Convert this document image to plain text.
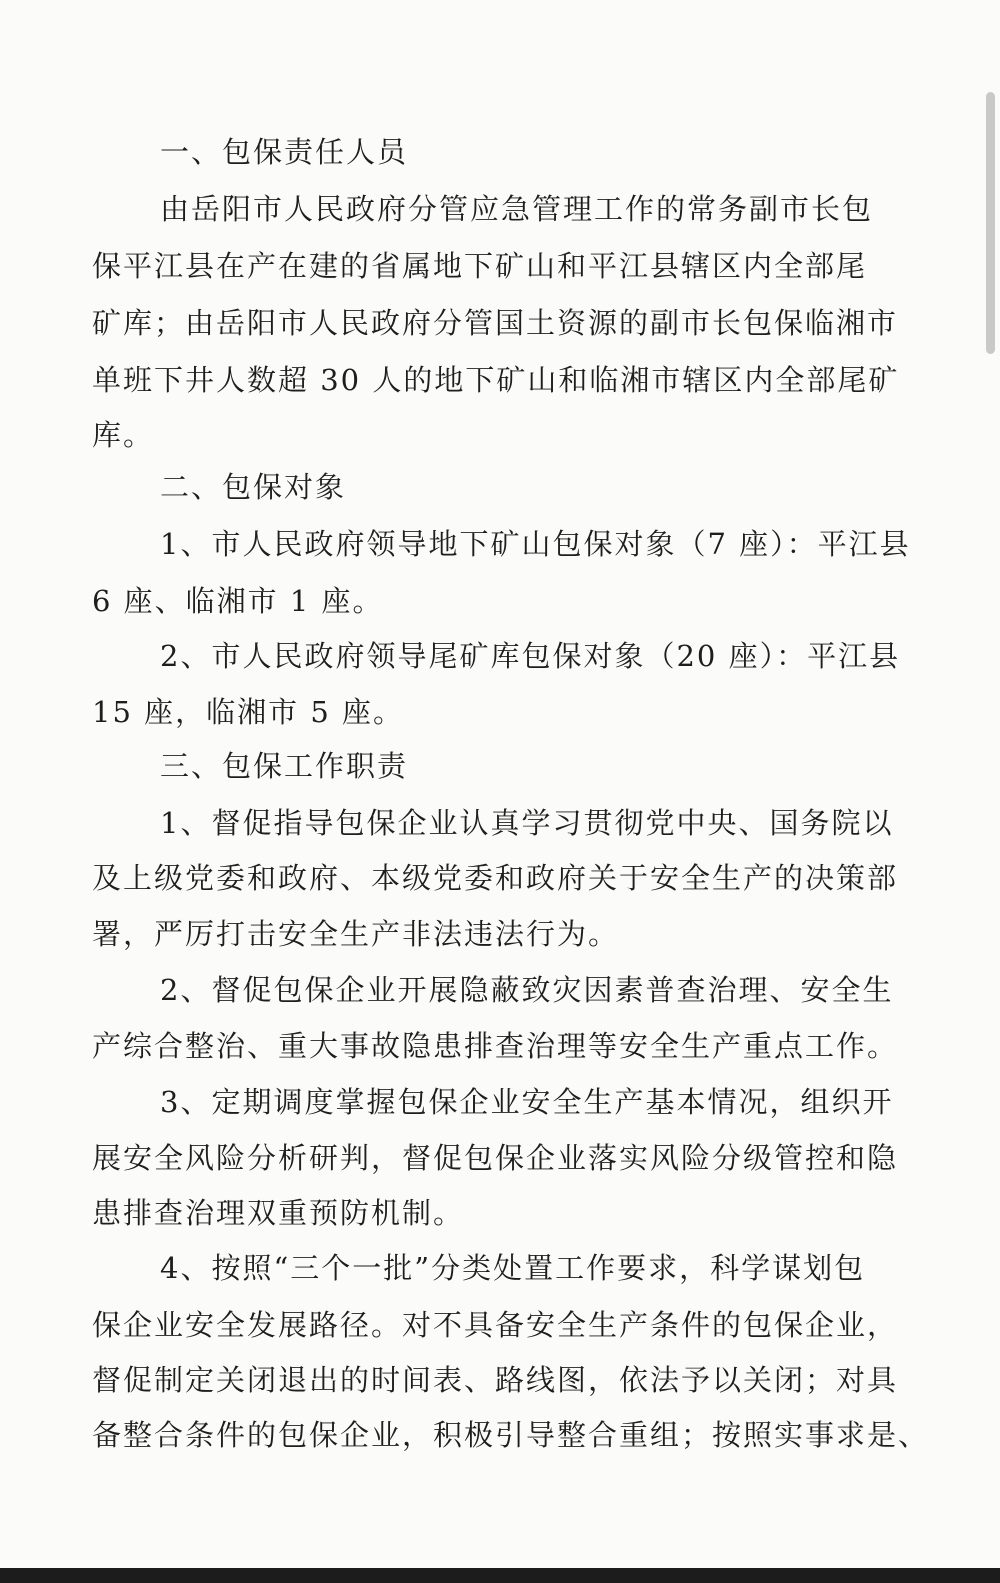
一、包保责任人员
由岳阳市人民政府分管应急管理工作的常务副市长包
保平江县在产在建的省属地下矿山和平江县辖区内全部尾
矿库；由岳阳市人民政府分管国土资源的副市长包保临湘市
单班下井人数超 30 人的地下矿山和临湘市辖区内全部尾矿
库。
二、包保对象
1、市人民政府领导地下矿山包保对象（7 座）：平江县
6 座、临湘市 1 座。
2、市人民政府领导尾矿库包保对象（20 座）：平江县
15 座，临湘市 5 座。
三、包保工作职责
1、督促指导包保企业认真学习贯彻党中央、国务院以
及上级党委和政府、本级党委和政府关于安全生产的决策部
署，严厉打击安全生产非法违法行为。
2、督促包保企业开展隐蔽致灾因素普查治理、安全生
产综合整治、重大事故隐患排查治理等安全生产重点工作。
3、定期调度掌握包保企业安全生产基本情况，组织开
展安全风险分析研判，督促包保企业落实风险分级管控和隐
患排查治理双重预防机制。
4、按照“三个一批”分类处置工作要求，科学谋划包
保企业安全发展路径。对不具备安全生产条件的包保企业，
督促制定关闭退出的时间表、路线图，依法予以关闭；对具
备整合条件的包保企业，积极引导整合重组；按照实事求是、
